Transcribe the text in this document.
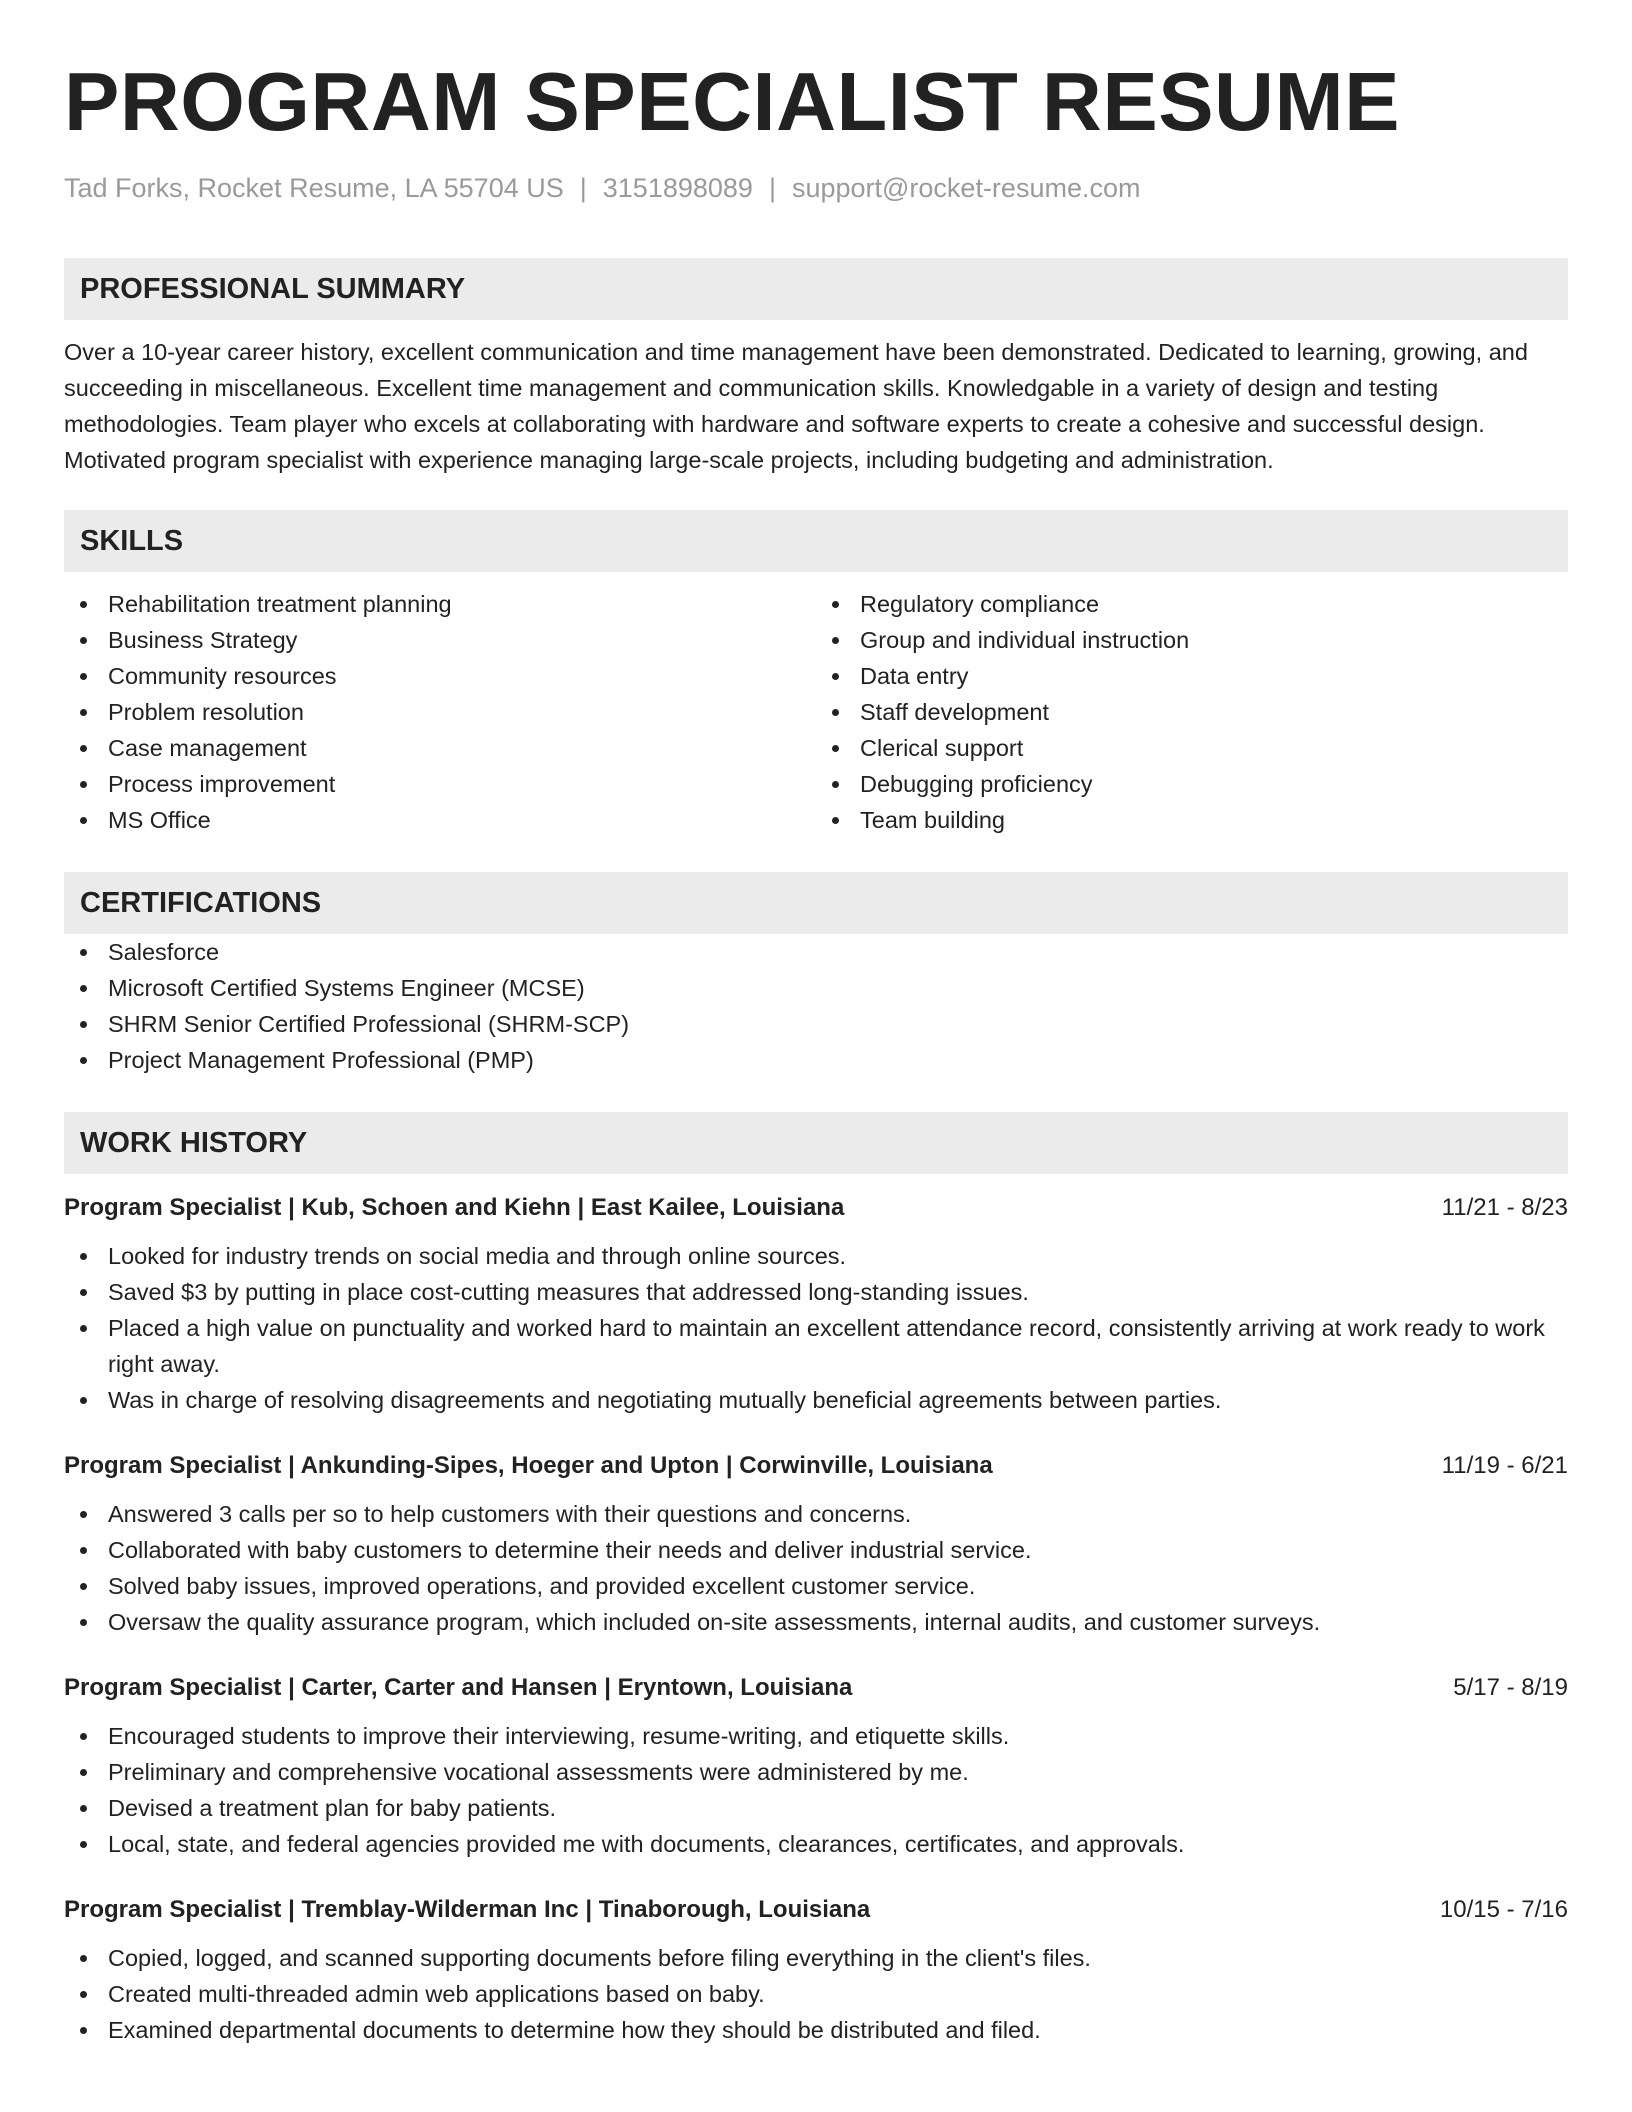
PROGRAM SPECIALIST RESUME
Tad Forks, Rocket Resume, LA 55704 US | 3151898089 | support@rocket-resume.com
PROFESSIONAL SUMMARY

Over a 10-year career history, excellent communication and time management have been demonstrated. Dedicated to learning, growing, and succeeding in miscellaneous. Excellent time management and communication skills. Knowledgable in a variety of design and testing methodologies. Team player who excels at collaborating with hardware and software experts to create a cohesive and successful design. Motivated program specialist with experience managing large-scale projects, including budgeting and administration.

SKILLS
Rehabilitation treatment planning
Business Strategy
Community resources
Problem resolution
Case management
Process improvement
MS Office
Regulatory compliance
Group and individual instruction
Data entry
Staff development
Clerical support
Debugging proficiency
Team building
CERTIFICATIONS
Salesforce
Microsoft Certified Systems Engineer (MCSE)
SHRM Senior Certified Professional (SHRM-SCP)
Project Management Professional (PMP)
WORK HISTORY
Program Specialist | Kub, Schoen and Kiehn | East Kailee, Louisiana	11/21 - 8/23
Looked for industry trends on social media and through online sources.
Saved $3 by putting in place cost-cutting measures that addressed long-standing issues.
Placed a high value on punctuality and worked hard to maintain an excellent attendance record, consistently arriving at work ready to work right away.
Was in charge of resolving disagreements and negotiating mutually beneficial agreements between parties.
Program Specialist | Ankunding-Sipes, Hoeger and Upton | Corwinville, Louisiana	11/19 - 6/21
Answered 3 calls per so to help customers with their questions and concerns.
Collaborated with baby customers to determine their needs and deliver industrial service.
Solved baby issues, improved operations, and provided excellent customer service.
Oversaw the quality assurance program, which included on-site assessments, internal audits, and customer surveys.
Program Specialist | Carter, Carter and Hansen | Eryntown, Louisiana	5/17 - 8/19
Encouraged students to improve their interviewing, resume-writing, and etiquette skills.
Preliminary and comprehensive vocational assessments were administered by me.
Devised a treatment plan for baby patients.
Local, state, and federal agencies provided me with documents, clearances, certificates, and approvals.
Program Specialist | Tremblay-Wilderman Inc | Tinaborough, Louisiana	10/15 - 7/16
Copied, logged, and scanned supporting documents before filing everything in the client's files.
Created multi-threaded admin web applications based on baby.
Examined departmental documents to determine how they should be distributed and filed.
